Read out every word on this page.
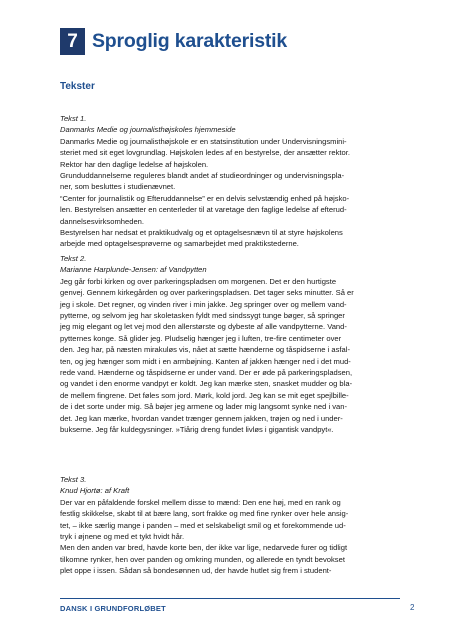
7 Sproglig karakteristik
Tekster
Tekst 1.
Danmarks Medie og journalisthøjskoles hjemmeside
Danmarks Medie og journalisthøjskole er en statsinstitution under Undervisningsmini-
steriet med sit eget lovgrundlag. Højskolen ledes af en bestyrelse, der ansætter rektor.
Rektor har den daglige ledelse af højskolen.
Grunduddannelserne reguleres blandt andet af studieordninger og undervisningspla-
ner, som besluttes i studienævnet.
“Center for journalistik og Efteruddannelse” er en delvis selvstændig enhed på højsko-
len. Bestyrelsen ansætter en centerleder til at varetage den faglige ledelse af efterud-
dannelsesvirksomheden.
Bestyrelsen har nedsat et praktikudvalg og et optagelsesnævn til at styre højskolens
arbejde med optagelsesprøverne og samarbejdet med praktikstederne.
Tekst 2.
Marianne Harplunde-Jensen: af Vandpytten
Jeg går forbi kirken og over parkeringspladsen om morgenen. Det er den hurtigste
genvej. Gennem kirkegården og over parkeringspladsen. Det tager seks minutter. Så er
jeg i skole. Det regner, og vinden river i min jakke. Jeg springer over og mellem vand-
pytterne, og selvom jeg har skoletasken fyldt med sindssygt tunge bøger, så springer
jeg mig elegant og let vej mod den allerstørste og dybeste af alle vandpytterne. Vand-
pytternes konge. Så glider jeg. Pludselig hænger jeg i luften, tre-fire centimeter over
den. Jeg har, på næsten mirakuløs vis, nået at sætte hænderne og tåspidserne i asfal-
ten, og jeg hænger som midt i en armbøjning. Kanten af jakken hænger ned i det mud-
rede vand. Hænderne og tåspidserne er under vand. Der er øde på parkeringspladsen,
og vandet i den enorme vandpyt er koldt. Jeg kan mærke sten, snasket mudder og bla-
de mellem fingrene. Det føles som jord. Mørk, kold jord. Jeg kan se mit eget spejlbille-
de i det sorte under mig. Så bøjer jeg armene og lader mig langsomt synke ned i van-
det. Jeg kan mærke, hvordan vandet trænger gennem jakken, trøjen og ned i under-
bukserne. Jeg får kuldegysninger. »Tiårig dreng fundet livløs i gigantisk vandpyt«.
Tekst 3.
Knud Hjortø: af Kraft
Der var en påfaldende forskel mellem disse to mænd: Den ene høj, med en rank og
festlig skikkelse, skabt til at bære lang, sort frakke og med fine rynker over hele ansig-
tet, – ikke særlig mange i panden – med et selskabeligt smil og et forekommende ud-
tryk i øjnene og med et tykt hvidt hår.
Men den anden var bred, havde korte ben, der ikke var lige, nedarvede furer og tidligt
tilkomne rynker, hen over panden og omkring munden, og allerede en tyndt bevokset
plet oppe i issen. Sådan så bondesønnen ud, der havde hutlet sig frem i student-
DANSK I GRUNDFORLØBET	2
